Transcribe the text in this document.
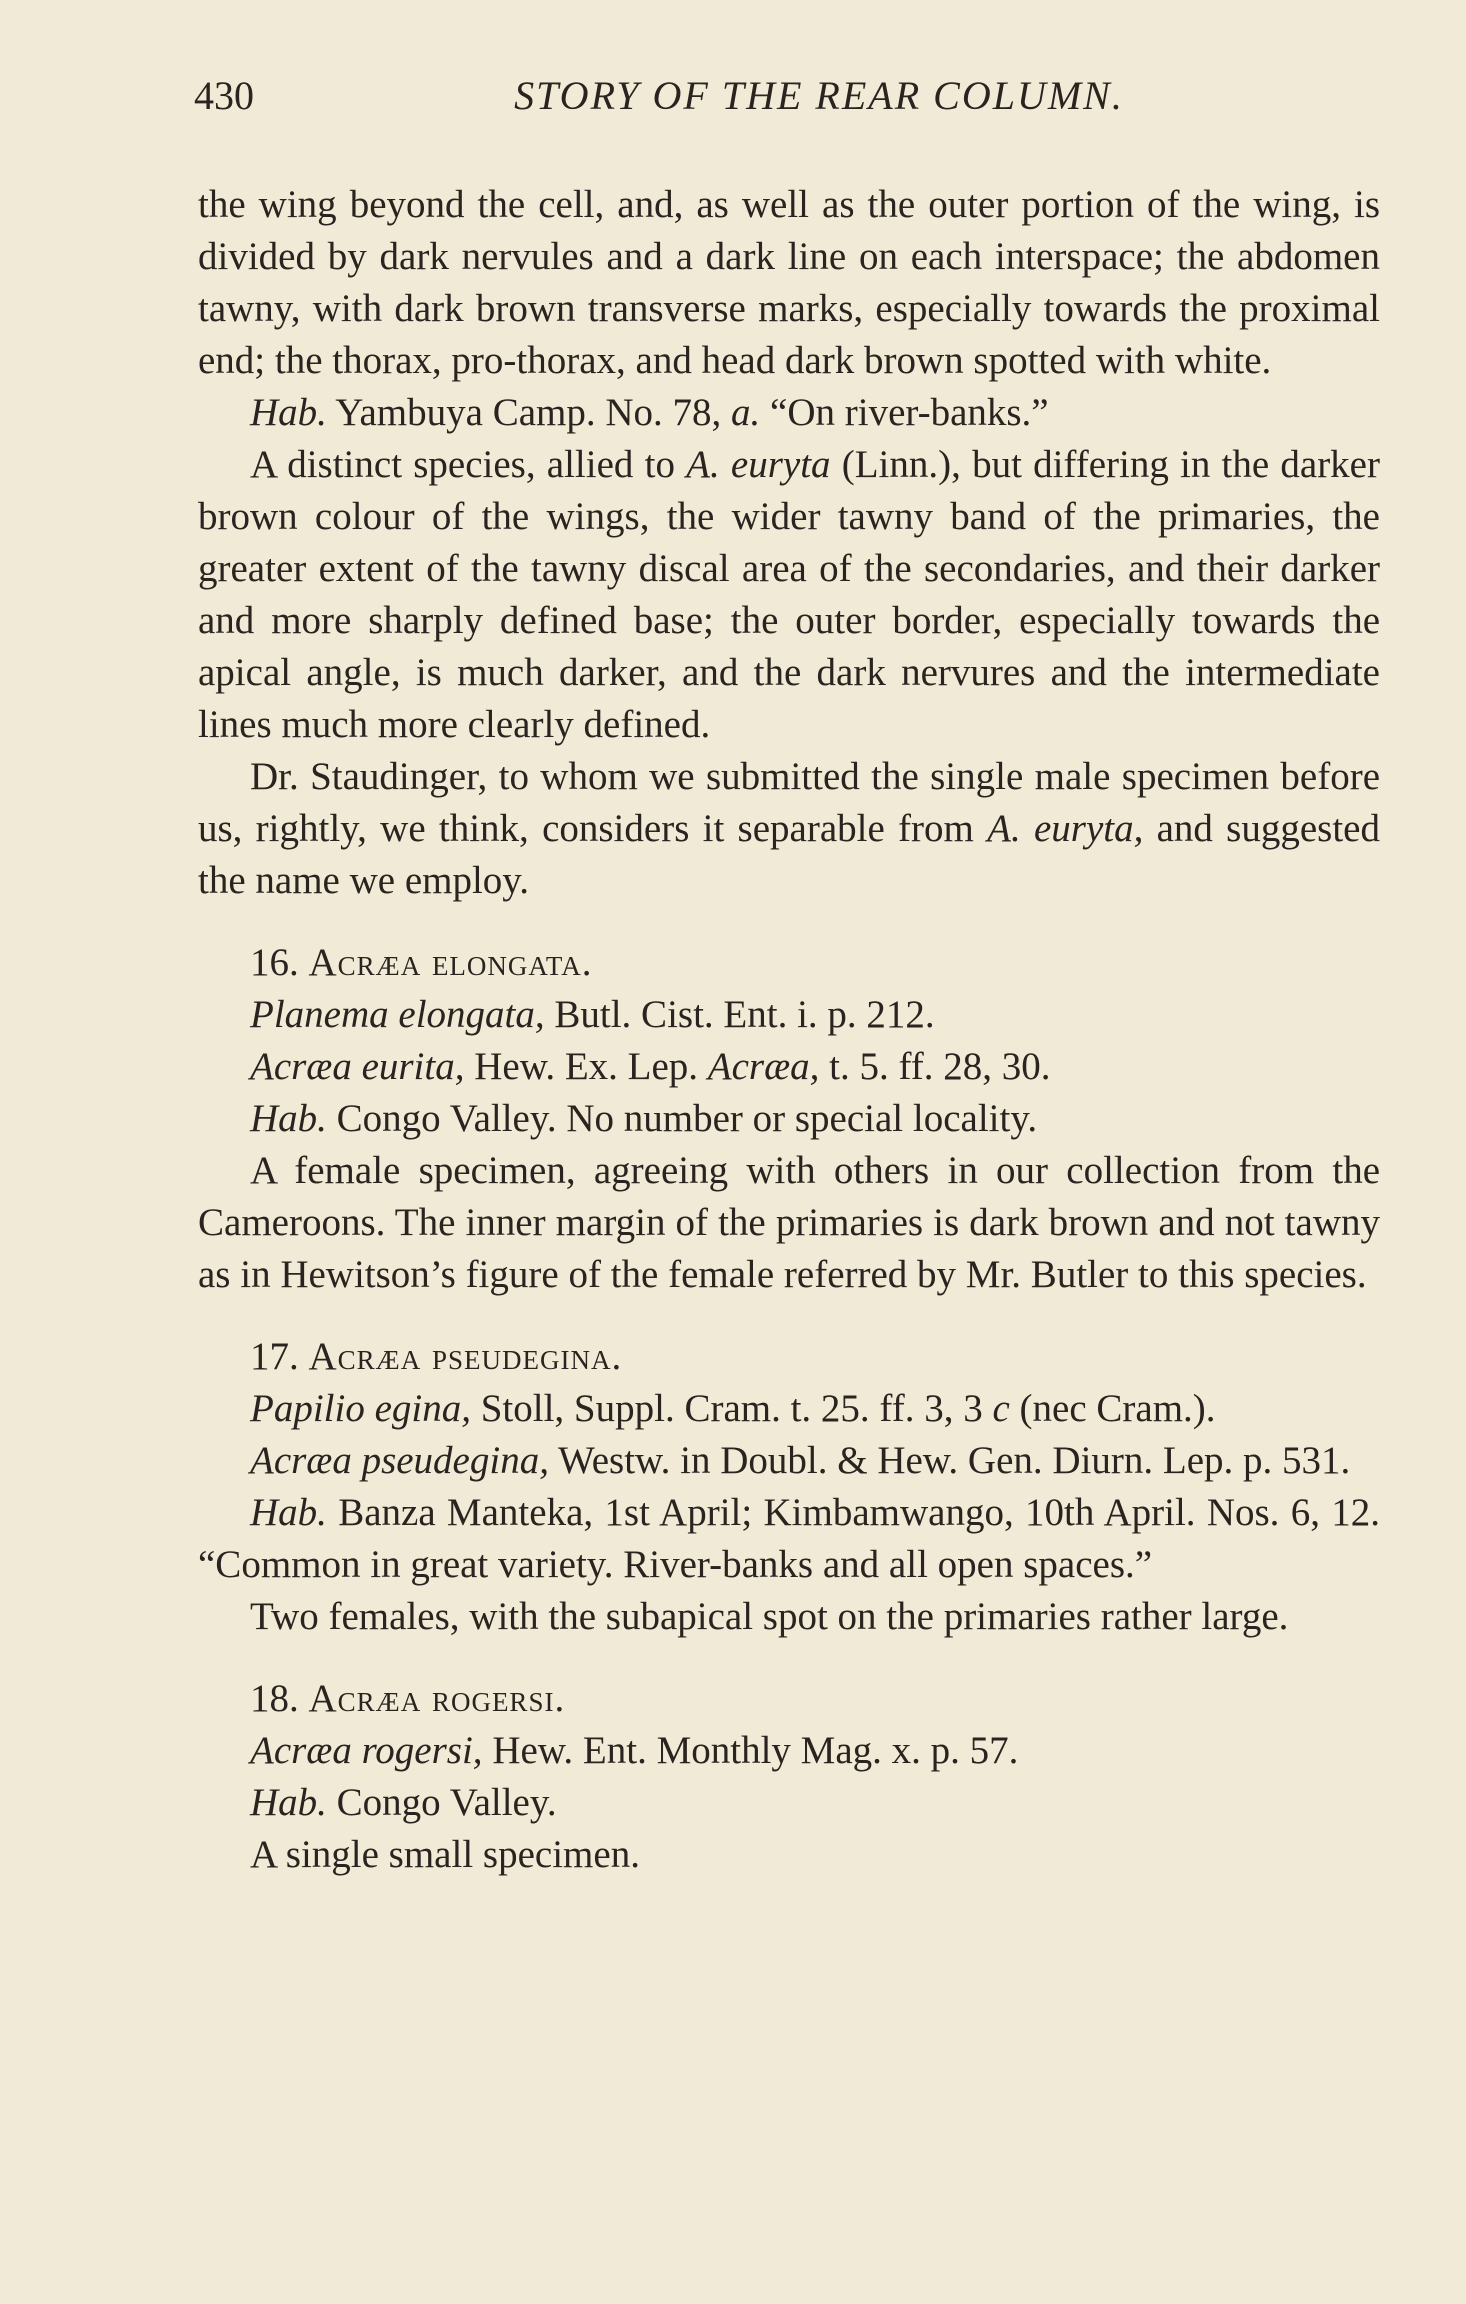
430	STORY OF THE REAR COLUMN.

the wing beyond the cell, and, as well as the outer portion of the wing, is divided by dark nervules and a dark line on each interspace; the abdomen tawny, with dark brown transverse marks, especially towards the proximal end; the thorax, pro-thorax, and head dark brown spotted with white.

Hab. Yambuya Camp. No. 78, a. “On river-banks.”

A distinct species, allied to A. euryta (Linn.), but differing in the darker brown colour of the wings, the wider tawny band of the primaries, the greater extent of the tawny discal area of the secondaries, and their darker and more sharply defined base; the outer border, especially towards the apical angle, is much darker, and the dark nervures and the intermediate lines much more clearly defined.

Dr. Staudinger, to whom we submitted the single male specimen before us, rightly, we think, considers it separable from A. euryta, and suggested the name we employ.

16. Acræa elongata.

Planema elongata, Butl. Cist. Ent. i. p. 212.

Acræa eurita, Hew. Ex. Lep. Acræa, t. 5. ff. 28, 30.

Hab. Congo Valley. No number or special locality.

A female specimen, agreeing with others in our collection from the Cameroons. The inner margin of the primaries is dark brown and not tawny as in Hewitson’s figure of the female referred by Mr. Butler to this species.

17. Acræa pseudegina.

Papilio egina, Stoll, Suppl. Cram. t. 25. ff. 3, 3 c (nec Cram.).

Acræa pseudegina, Westw. in Doubl. & Hew. Gen. Diurn. Lep. p. 531.

Hab. Banza Manteka, 1st April; Kimbamwango, 10th April. Nos. 6, 12. “Common in great variety. River-banks and all open spaces.”

Two females, with the subapical spot on the primaries rather large.

18. Acræa rogersi.

Acræa rogersi, Hew. Ent. Monthly Mag. x. p. 57.

Hab. Congo Valley.

A single small specimen.
